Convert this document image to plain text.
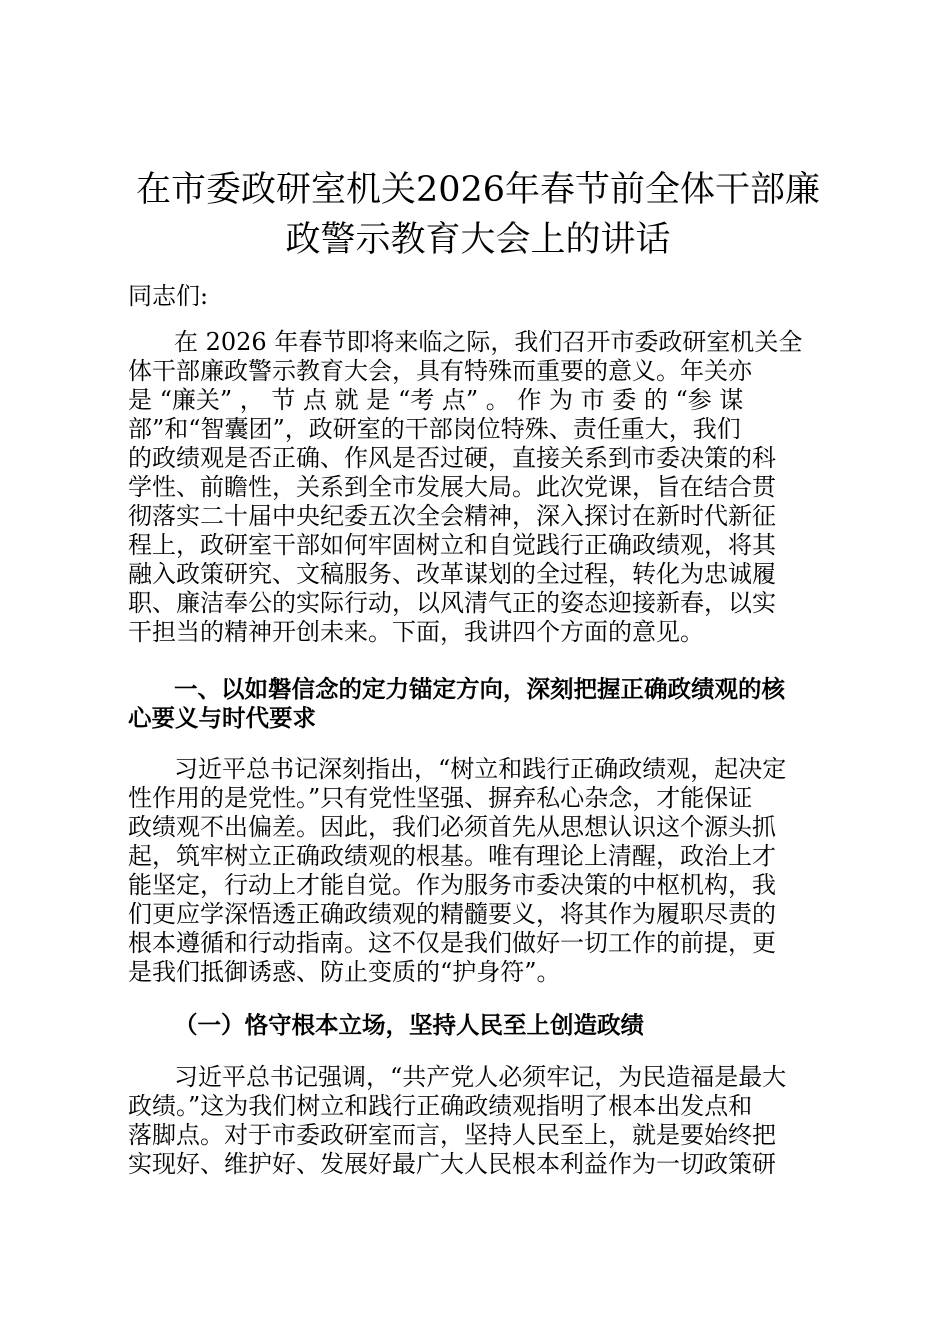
在市委政研室机关2026年春节前全体干部廉
政警示教育大会上的讲话
同志们:
在 2026 年春节即将来临之际，我们召开市委政研室机关全
体干部廉政警示教育大会，具有特殊而重要的意义。年关亦
是 “廉关” ， 节 点 就 是 “考 点” 。 作 为 市 委 的 “参 谋
部”和“智囊团”，政研室的干部岗位特殊、责任重大，我们
的政绩观是否正确、作风是否过硬，直接关系到市委决策的科
学性、前瞻性，关系到全市发展大局。此次党课，旨在结合贯
彻落实二十届中央纪委五次全会精神，深入探讨在新时代新征
程上，政研室干部如何牢固树立和自觉践行正确政绩观，将其
融入政策研究、文稿服务、改革谋划的全过程，转化为忠诚履
职、廉洁奉公的实际行动，以风清气正的姿态迎接新春，以实
干担当的精神开创未来。下面，我讲四个方面的意见。
一、以如磐信念的定力锚定方向，深刻把握正确政绩观的核
心要义与时代要求
习近平总书记深刻指出，“树立和践行正确政绩观，起决定
性作用的是党性。”只有党性坚强、摒弃私心杂念，才能保证
政绩观不出偏差。因此，我们必须首先从思想认识这个源头抓
起，筑牢树立正确政绩观的根基。唯有理论上清醒，政治上才
能坚定，行动上才能自觉。作为服务市委决策的中枢机构，我
们更应学深悟透正确政绩观的精髓要义，将其作为履职尽责的
根本遵循和行动指南。这不仅是我们做好一切工作的前提，更
是我们抵御诱惑、防止变质的“护身符”。
（一）恪守根本立场，坚持人民至上创造政绩
习近平总书记强调，“共产党人必须牢记，为民造福是最大
政绩。”这为我们树立和践行正确政绩观指明了根本出发点和
落脚点。对于市委政研室而言，坚持人民至上，就是要始终把
实现好、维护好、发展好最广大人民根本利益作为一切政策研
